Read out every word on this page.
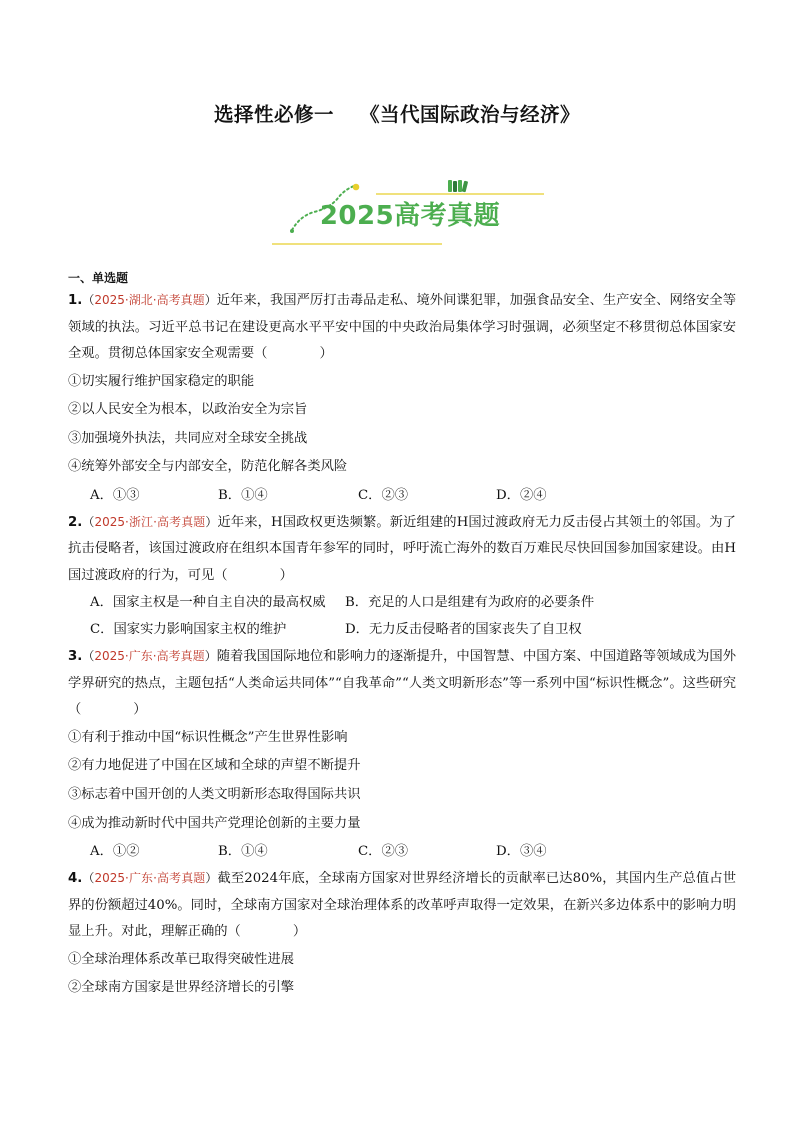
选择性必修一 《当代国际政治与经济》
2025高考真题
一、单选题
1.（2025·湖北·高考真题）近年来，我国严厉打击毒品走私、境外间谍犯罪，加强食品安全、生产安全、网络安全等领域的执法。习近平总书记在建设更高水平平安中国的中央政治局集体学习时强调，必须坚定不移贯彻总体国家安全观。贯彻总体国家安全观需要（	）
①切实履行维护国家稳定的职能
②以人民安全为根本，以政治安全为宗旨
③加强境外执法，共同应对全球安全挑战
④统筹外部安全与内部安全，防范化解各类风险
A．①③	B．①④	C．②③	D．②④
2.（2025·浙江·高考真题）近年来，H国政权更迭频繁。新近组建的H国过渡政府无力反击侵占其领土的邻国。为了抗击侵略者，该国过渡政府在组织本国青年参军的同时，呼吁流亡海外的数百万难民尽快回国参加国家建设。由H国过渡政府的行为，可见（	）
A．国家主权是一种自主自决的最高权威	B．充足的人口是组建有为政府的必要条件
C．国家实力影响国家主权的维护	D．无力反击侵略者的国家丧失了自卫权
3.（2025·广东·高考真题）随着我国国际地位和影响力的逐渐提升，中国智慧、中国方案、中国道路等领域成为国外学界研究的热点，主题包括“人类命运共同体”“自我革命”“人类文明新形态”等一系列中国“标识性概念”。这些研究（	）
①有利于推动中国“标识性概念”产生世界性影响
②有力地促进了中国在区域和全球的声望不断提升
③标志着中国开创的人类文明新形态取得国际共识
④成为推动新时代中国共产党理论创新的主要力量
A．①②	B．①④	C．②③	D．③④
4.（2025·广东·高考真题）截至2024年底，全球南方国家对世界经济增长的贡献率已达80%，其国内生产总值占世界的份额超过40%。同时，全球南方国家对全球治理体系的改革呼声取得一定效果，在新兴多边体系中的影响力明显上升。对此，理解正确的（	）
①全球治理体系改革已取得突破性进展
②全球南方国家是世界经济增长的引擎
